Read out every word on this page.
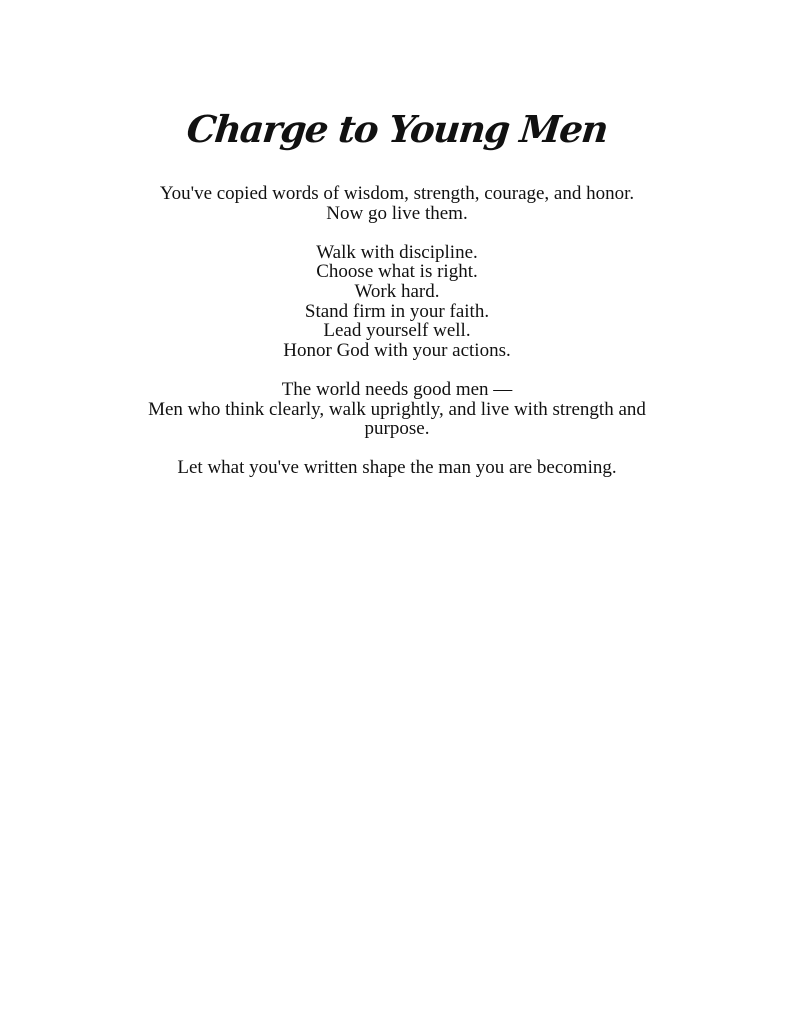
Charge to Young Men

You've copied words of wisdom, strength, courage, and honor.
Now go live them.

Walk with discipline.
Choose what is right.
Work hard.
Stand firm in your faith.
Lead yourself well.
Honor God with your actions.

The world needs good men —
Men who think clearly, walk uprightly, and live with strength and
purpose.

Let what you've written shape the man you are becoming.
